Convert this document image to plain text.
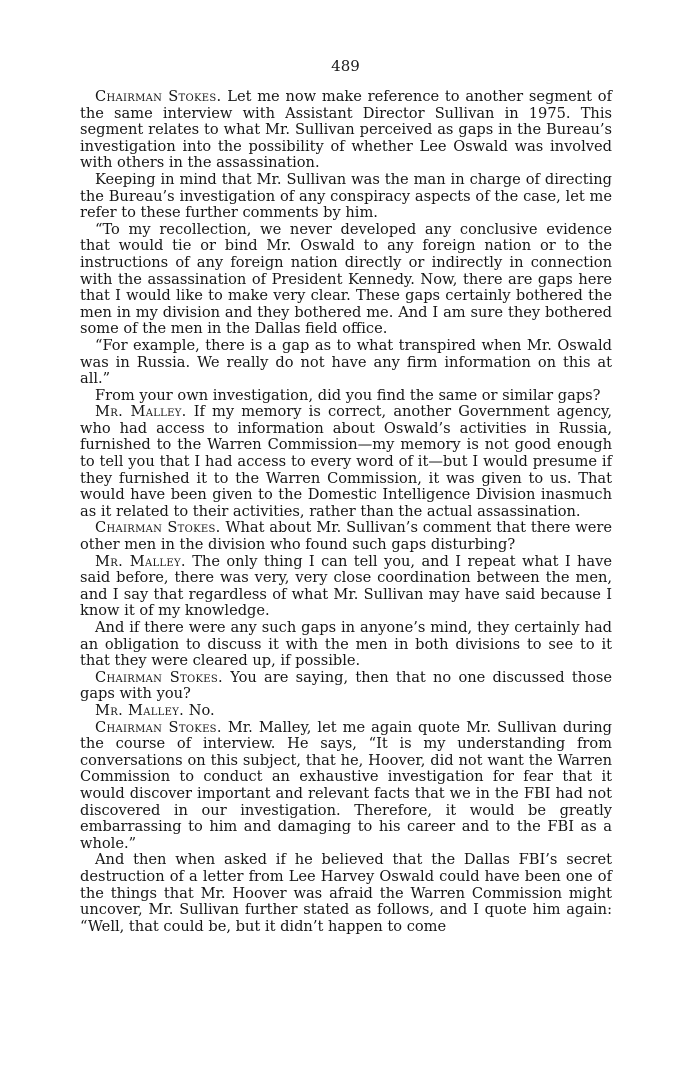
489

Chairman Stokes. Let me now make reference to another segment of the same interview with Assistant Director Sullivan in 1975. This segment relates to what Mr. Sullivan perceived as gaps in the Bureau’s investigation into the possibility of whether Lee Oswald was involved with others in the assassination.

Keeping in mind that Mr. Sullivan was the man in charge of directing the Bureau’s investigation of any conspiracy aspects of the case, let me refer to these further comments by him.

“To my recollection, we never developed any conclusive evidence that would tie or bind Mr. Oswald to any foreign nation or to the instructions of any foreign nation directly or indirectly in connection with the assassination of President Kennedy. Now, there are gaps here that I would like to make very clear. These gaps certainly bothered the men in my division and they bothered me. And I am sure they bothered some of the men in the Dallas field office.

“For example, there is a gap as to what transpired when Mr. Oswald was in Russia. We really do not have any firm information on this at all.”

From your own investigation, did you find the same or similar gaps?

Mr. Malley. If my memory is correct, another Government agency, who had access to information about Oswald’s activities in Russia, furnished to the Warren Commission—my memory is not good enough to tell you that I had access to every word of it—but I would presume if they furnished it to the Warren Commission, it was given to us. That would have been given to the Domestic Intelligence Division inasmuch as it related to their activities, rather than the actual assassination.

Chairman Stokes. What about Mr. Sullivan’s comment that there were other men in the division who found such gaps disturbing?

Mr. Malley. The only thing I can tell you, and I repeat what I have said before, there was very, very close coordination between the men, and I say that regardless of what Mr. Sullivan may have said because I know it of my knowledge.

And if there were any such gaps in anyone’s mind, they certainly had an obligation to discuss it with the men in both divisions to see to it that they were cleared up, if possible.

Chairman Stokes. You are saying, then that no one discussed those gaps with you?

Mr. Malley. No.

Chairman Stokes. Mr. Malley, let me again quote Mr. Sullivan during the course of interview. He says, “It is my understanding from conversations on this subject, that he, Hoover, did not want the Warren Commission to conduct an exhaustive investigation for fear that it would discover important and relevant facts that we in the FBI had not discovered in our investigation. Therefore, it would be greatly embarrassing to him and damaging to his career and to the FBI as a whole.”

And then when asked if he believed that the Dallas FBI’s secret destruction of a letter from Lee Harvey Oswald could have been one of the things that Mr. Hoover was afraid the Warren Commission might uncover, Mr. Sullivan further stated as follows, and I quote him again: “Well, that could be, but it didn’t happen to come
